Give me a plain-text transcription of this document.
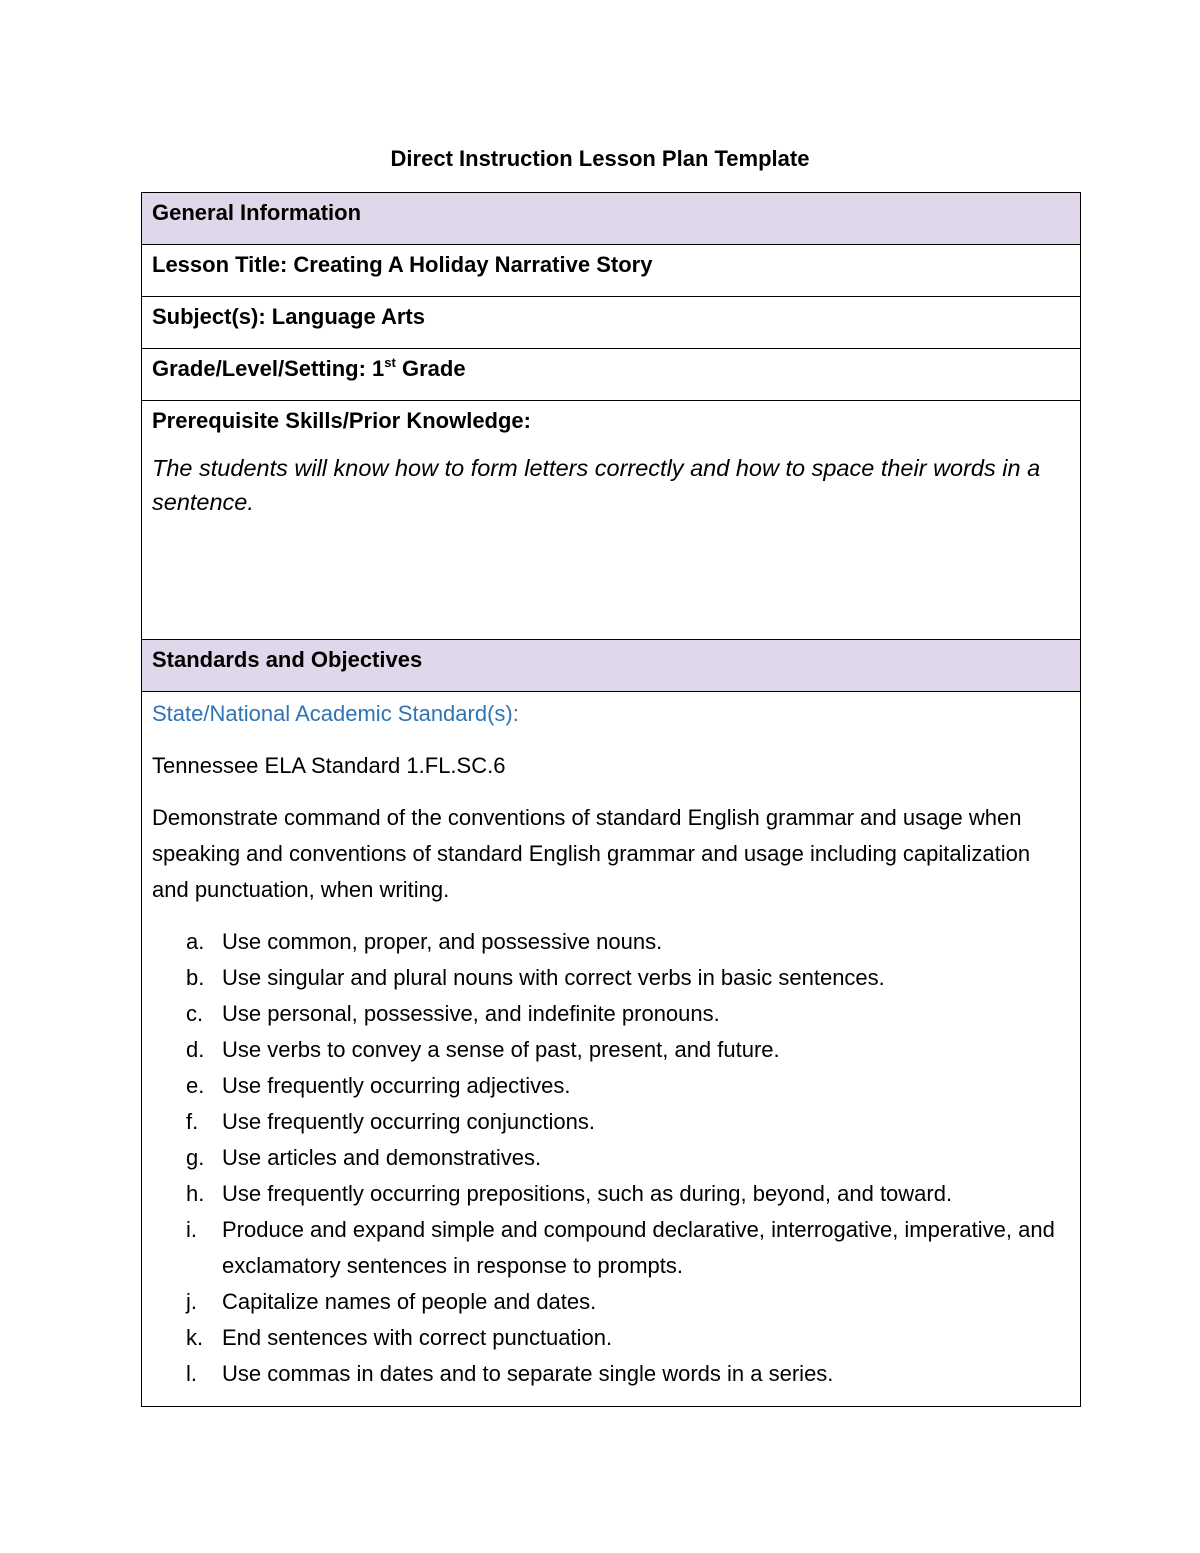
Direct Instruction Lesson Plan Template
General Information
Lesson Title: Creating A Holiday Narrative Story
Subject(s): Language Arts
Grade/Level/Setting: 1st Grade
Prerequisite Skills/Prior Knowledge:
The students will know how to form letters correctly and how to space their words in a sentence.
Standards and Objectives
State/National Academic Standard(s):
Tennessee ELA Standard 1.FL.SC.6
Demonstrate command of the conventions of standard English grammar and usage when speaking and conventions of standard English grammar and usage including capitalization and punctuation, when writing.
a. Use common, proper, and possessive nouns.
b. Use singular and plural nouns with correct verbs in basic sentences.
c. Use personal, possessive, and indefinite pronouns.
d. Use verbs to convey a sense of past, present, and future.
e. Use frequently occurring adjectives.
f. Use frequently occurring conjunctions.
g. Use articles and demonstratives.
h. Use frequently occurring prepositions, such as during, beyond, and toward.
i. Produce and expand simple and compound declarative, interrogative, imperative, and exclamatory sentences in response to prompts.
j. Capitalize names of people and dates.
k. End sentences with correct punctuation.
l. Use commas in dates and to separate single words in a series.
